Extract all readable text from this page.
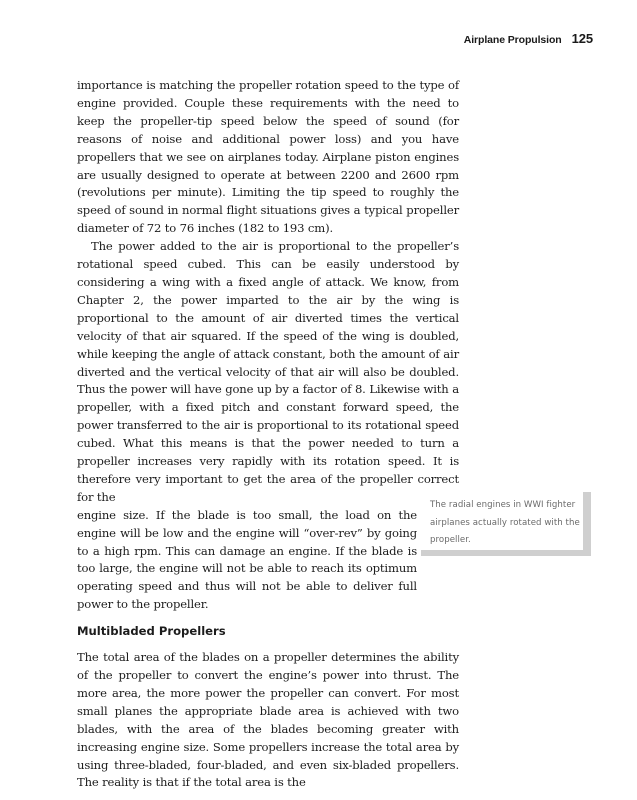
Airplane Propulsion 125

importance is matching the propeller rotation speed to the type of engine provided. Couple these requirements with the need to keep the propeller-tip speed below the speed of sound (for reasons of noise and additional power loss) and you have propellers that we see on airplanes today. Airplane piston engines are usually designed to operate at between 2200 and 2600 rpm (revolutions per minute). Limiting the tip speed to roughly the speed of sound in normal flight situations gives a typical propeller diameter of 72 to 76 inches (182 to 193 cm).

The power added to the air is proportional to the propeller’s rotational speed cubed. This can be easily understood by considering a wing with a fixed angle of attack. We know, from Chapter 2, the power imparted to the air by the wing is proportional to the amount of air diverted times the vertical velocity of that air squared. If the speed of the wing is doubled, while keeping the angle of attack constant, both the amount of air diverted and the vertical velocity of that air will also be doubled. Thus the power will have gone up by a factor of 8. Likewise with a propeller, with a fixed pitch and constant forward speed, the power transferred to the air is proportional to its rotational speed cubed. What this means is that the power needed to turn a propeller increases very rapidly with its rotation speed. It is therefore very important to get the area of the propeller correct for the

engine size. If the blade is too small, the load on the engine will be low and the engine will “over-rev” by going to a high rpm. This can damage an engine. If the blade is too large, the engine will not be able to reach its optimum operating speed and thus will not be able to deliver full power to the propeller.

Multibladed Propellers

The total area of the blades on a propeller determines the ability of the propeller to convert the engine’s power into thrust. The more area, the more power the propeller can convert. For most small planes the appropriate blade area is achieved with two blades, with the area of the blades becoming greater with increasing engine size. Some propellers increase the total area by using three-bladed, four-bladed, and even six-bladed propellers. The reality is that if the total area is the

The radial engines in WWI fighter airplanes actually rotated with the propeller.
